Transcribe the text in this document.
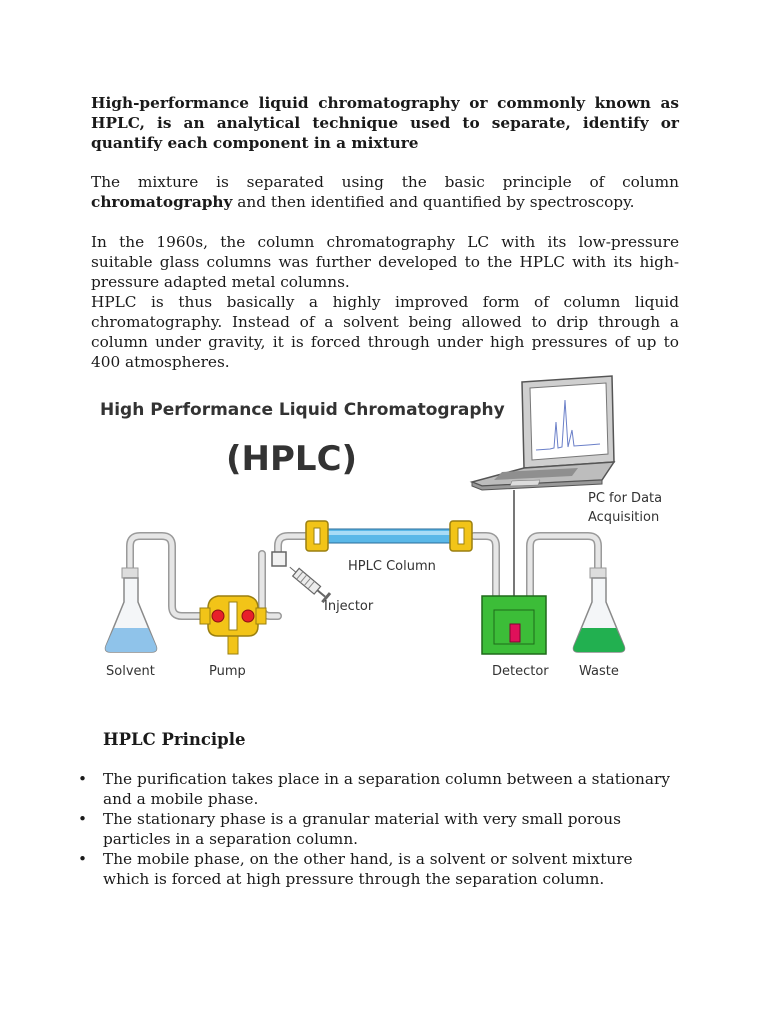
High-performance liquid chromatography or commonly known as HPLC, is an analytical technique used to separate, identify or quantify each component in a mixture

The mixture is separated using the basic principle of column chromatography and then identified and quantified by spectroscopy.

In the 1960s, the column chromatography LC with its low-pressure suitable glass columns was further developed to the HPLC with its high-pressure adapted metal columns.

HPLC is thus basically a highly improved form of column liquid chromatography. Instead of a solvent being allowed to drip through a column under gravity, it is forced through under high pressures of up to 400 atmospheres.

High Performance Liquid Chromatography
(HPLC)
Solvent	Pump
Injector
HPLC Column
Detector Waste
PC for Data
Acquisition
HPLC Principle
• The purification takes place in a separation column between a stationary and a mobile phase.
• The stationary phase is a granular material with very small porous particles in a separation column.
• The mobile phase, on the other hand, is a solvent or solvent mixture which is forced at high pressure through the separation column.
